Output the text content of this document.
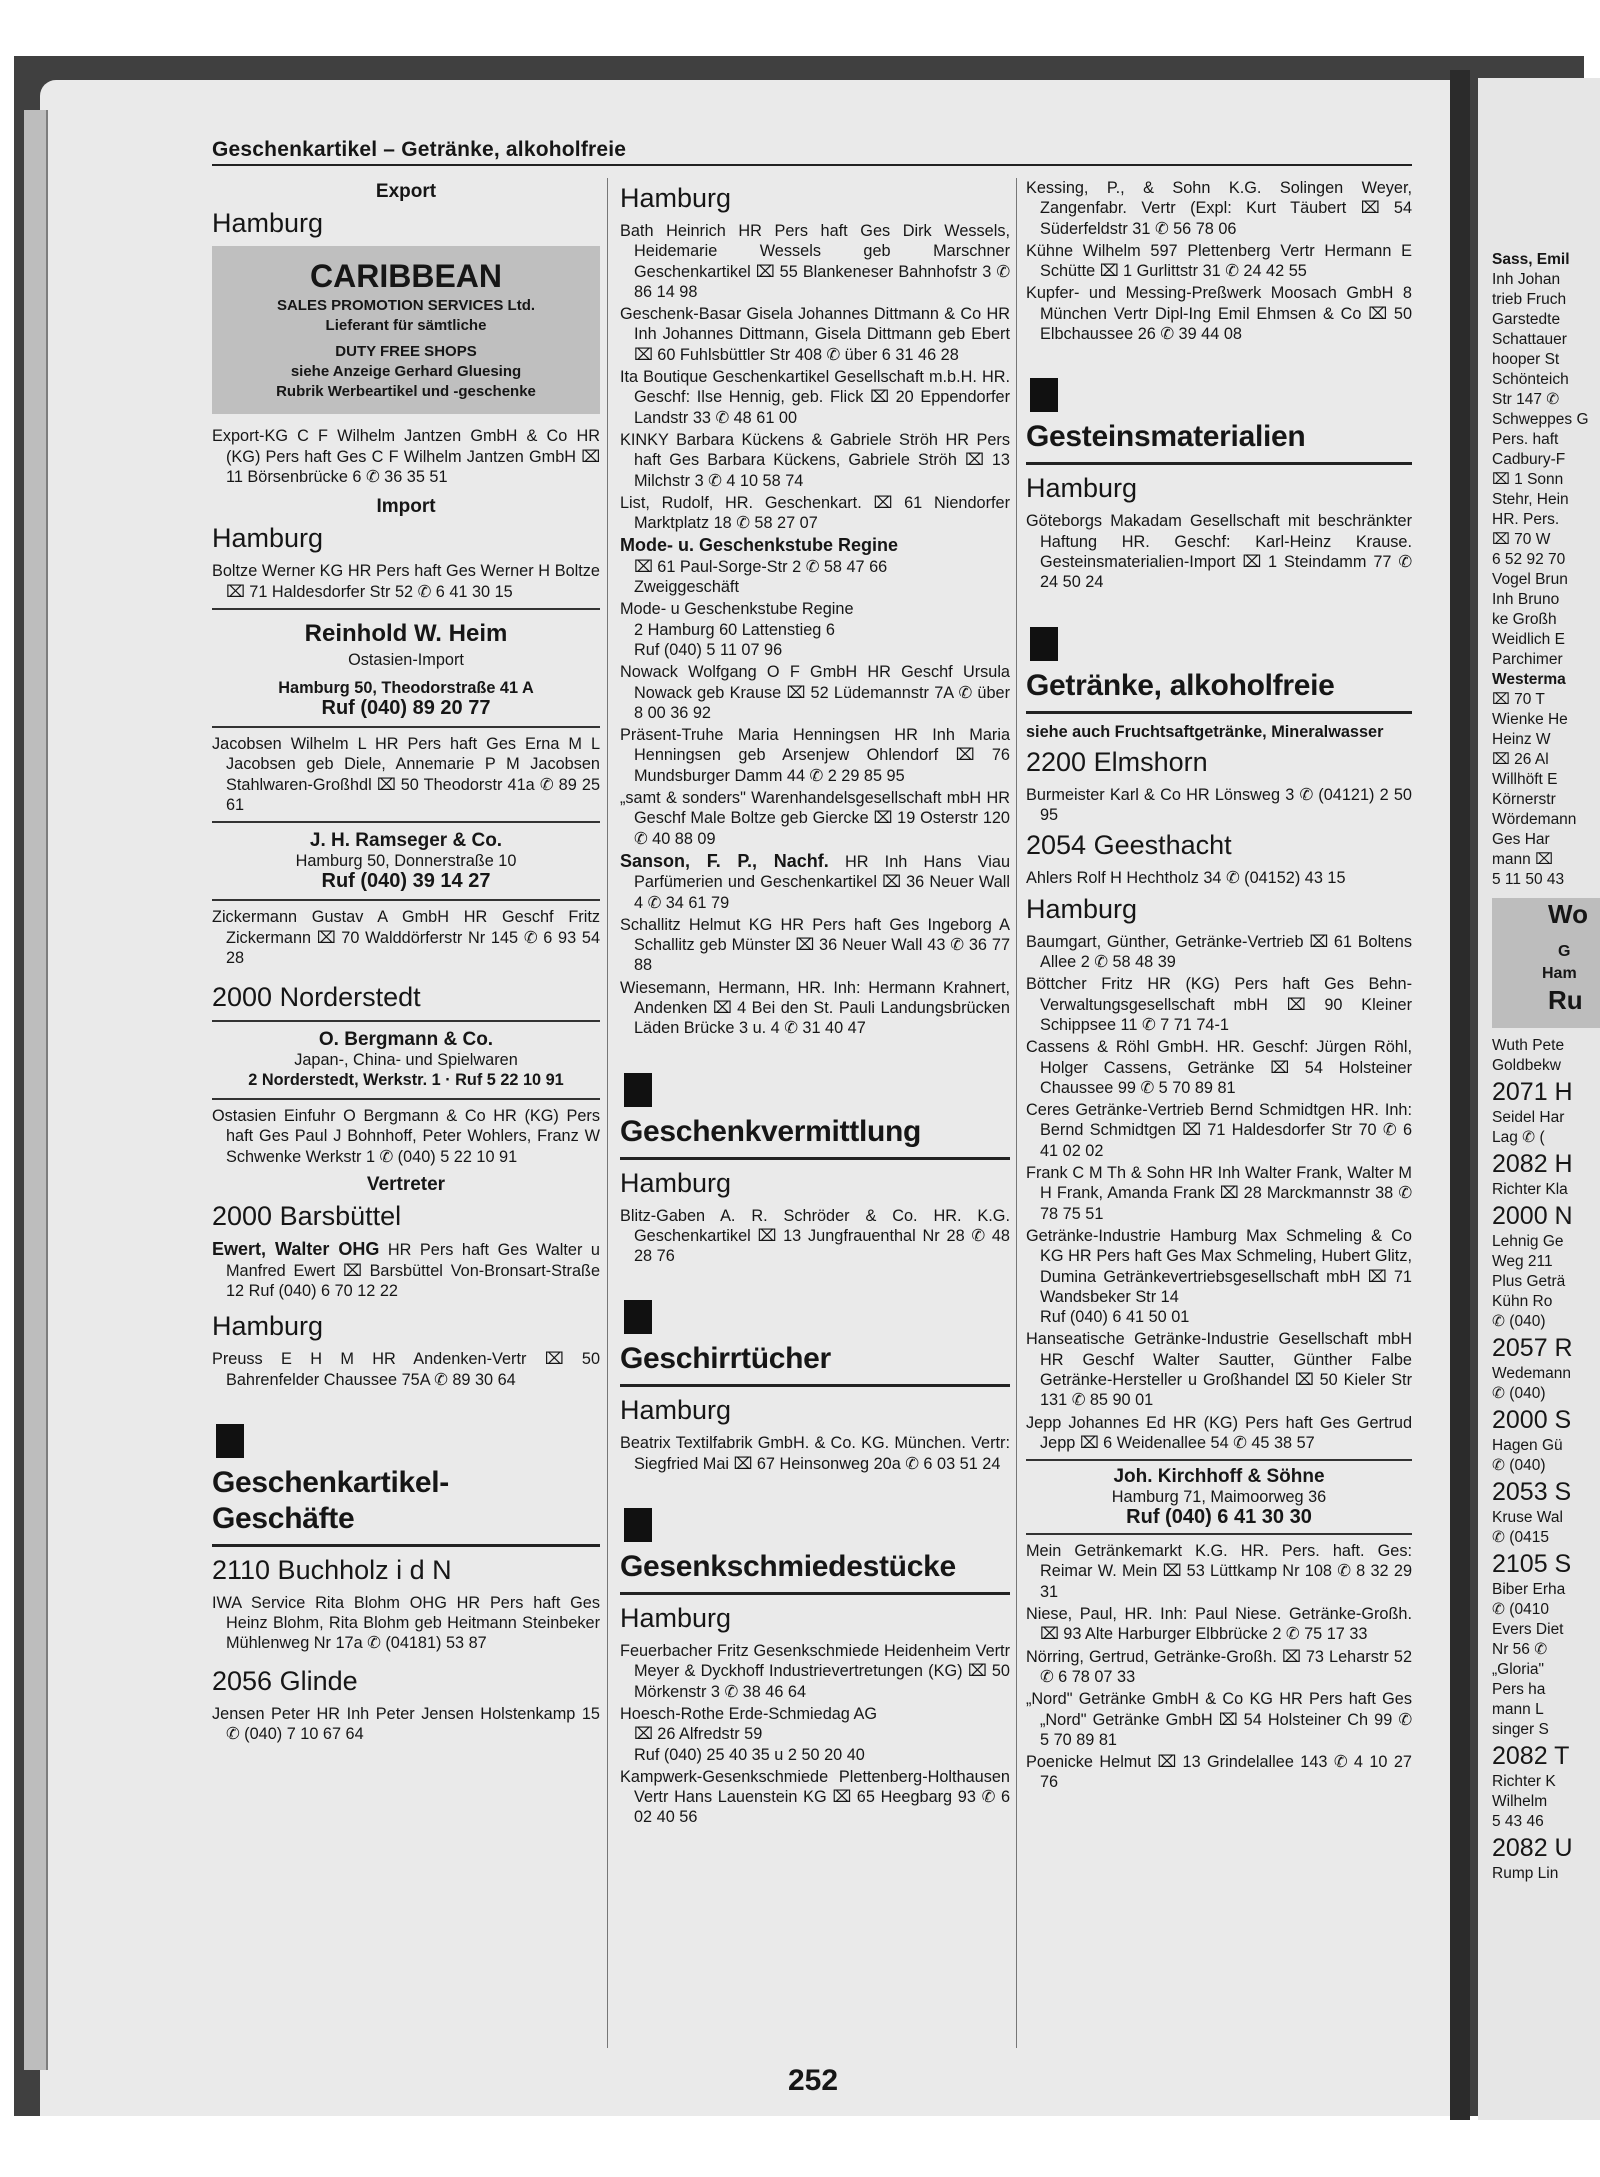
Geschenkartikel – Getränke, alkoholfreie
Export
Hamburg
CARIBBEAN
SALES PROMOTION SERVICES Ltd.
Lieferant für sämtliche
DUTY FREE SHOPS
siehe Anzeige Gerhard Gluesing
Rubrik Werbeartikel und -geschenke

Export-KG C F Wilhelm Jantzen GmbH & Co HR (KG) Pers haft Ges C F Wilhelm Jantzen GmbH ⌧ 11 Börsenbrücke 6 ✆ 36 35 51

Import
Hamburg

Boltze Werner KG HR Pers haft Ges Werner H Boltze ⌧ 71 Haldesdorfer Str 52 ✆ 6 41 30 15

Reinhold W. Heim
Ostasien-Import
Hamburg 50, Theodorstraße 41 A
Ruf (040) 89 20 77

Jacobsen Wilhelm L HR Pers haft Ges Erna M L Jacobsen geb Diele, Annemarie P M Jacobsen Stahlwaren-Großhdl ⌧ 50 Theodorstr 41a ✆ 89 25 61

J. H. Ramseger & Co.
Hamburg 50, Donnerstraße 10
Ruf (040) 39 14 27

Zickermann Gustav A GmbH HR Geschf Fritz Zickermann ⌧ 70 Walddörferstr Nr 145 ✆ 6 93 54 28

2000 Norderstedt
O. Bergmann & Co.
Japan-, China- und Spielwaren
2 Norderstedt, Werkstr. 1 · Ruf 5 22 10 91

Ostasien Einfuhr O Bergmann & Co HR (KG) Pers haft Ges Paul J Bohnhoff, Peter Wohlers, Franz W Schwenke Werkstr 1 ✆ (040) 5 22 10 91

Vertreter
2000 Barsbüttel

Ewert, Walter OHG HR Pers haft Ges Walter u Manfred Ewert ⌧ Barsbüttel Von-Bronsart-Straße 12 Ruf (040) 6 70 12 22

Hamburg

Preuss E H M HR Andenken-Vertr ⌧ 50 Bahrenfelder Chaussee 75A ✆ 89 30 64

Geschenkartikel-
Geschäfte
2110 Buchholz i d N

IWA Service Rita Blohm OHG HR Pers haft Ges Heinz Blohm, Rita Blohm geb Heitmann Steinbeker Mühlenweg Nr 17a ✆ (04181) 53 87

2056 Glinde

Jensen Peter HR Inh Peter Jensen Holstenkamp 15 ✆ (040) 7 10 67 64

Hamburg

Bath Heinrich HR Pers haft Ges Dirk Wessels, Heidemarie Wessels geb Marschner Geschenkartikel ⌧ 55 Blankeneser Bahnhofstr 3 ✆ 86 14 98

Geschenk-Basar Gisela Johannes Dittmann & Co HR Inh Johannes Dittmann, Gisela Dittmann geb Ebert ⌧ 60 Fuhlsbüttler Str 408 ✆ über 6 31 46 28

Ita Boutique Geschenkartikel Gesellschaft m.b.H. HR. Geschf: Ilse Hennig, geb. Flick ⌧ 20 Eppendorfer Landstr 33 ✆ 48 61 00

KINKY Barbara Kückens & Gabriele Ströh HR Pers haft Ges Barbara Kückens, Gabriele Ströh ⌧ 13 Milchstr 3 ✆ 4 10 58 74

List, Rudolf, HR. Geschenkart. ⌧ 61 Niendorfer Marktplatz 18 ✆ 58 27 07

Mode- u. Geschenkstube Regine
⌧ 61 Paul-Sorge-Str 2 ✆ 58 47 66
Zweiggeschäft

Mode- u Geschenkstube Regine
2 Hamburg 60 Lattenstieg 6
Ruf (040) 5 11 07 96

Nowack Wolfgang O F GmbH HR Geschf Ursula Nowack geb Krause ⌧ 52 Lüdemannstr 7A ✆ über 8 00 36 92

Präsent-Truhe Maria Henningsen HR Inh Maria Henningsen geb Arsenjew Ohlendorf ⌧ 76 Mundsburger Damm 44 ✆ 2 29 85 95

„samt & sonders" Warenhandelsgesellschaft mbH HR Geschf Male Boltze geb Giercke ⌧ 19 Osterstr 120 ✆ 40 88 09

Sanson, F. P., Nachf. HR Inh Hans Viau Parfümerien und Geschenkartikel ⌧ 36 Neuer Wall 4 ✆ 34 61 79

Schallitz Helmut KG HR Pers haft Ges Ingeborg A Schallitz geb Münster ⌧ 36 Neuer Wall 43 ✆ 36 77 88

Wiesemann, Hermann, HR. Inh: Hermann Krahnert, Andenken ⌧ 4 Bei den St. Pauli Landungsbrücken Läden Brücke 3 u. 4 ✆ 31 40 47

Geschenkvermittlung
Hamburg

Blitz-Gaben A. R. Schröder & Co. HR. K.G. Geschenkartikel ⌧ 13 Jungfrauenthal Nr 28 ✆ 48 28 76

Geschirrtücher
Hamburg

Beatrix Textilfabrik GmbH. & Co. KG. München. Vertr: Siegfried Mai ⌧ 67 Heinsonweg 20a ✆ 6 03 51 24

Gesenkschmiedestücke
Hamburg

Feuerbacher Fritz Gesenkschmiede Heidenheim Vertr Meyer & Dyckhoff Industrievertretungen (KG) ⌧ 50 Mörkenstr 3 ✆ 38 46 64

Hoesch-Rothe Erde-Schmiedag AG
⌧ 26 Alfredstr 59
Ruf (040) 25 40 35 u 2 50 20 40

Kampwerk-Gesenkschmiede Plettenberg-Holthausen Vertr Hans Lauenstein KG ⌧ 65 Heegbarg 93 ✆ 6 02 40 56

Kessing, P., & Sohn K.G. Solingen Weyer, Zangenfabr. Vertr (Expl: Kurt Täubert ⌧ 54 Süderfeldstr 31 ✆ 56 78 06

Kühne Wilhelm 597 Plettenberg Vertr Hermann E Schütte ⌧ 1 Gurlittstr 31 ✆ 24 42 55

Kupfer- und Messing-Preßwerk Moosach GmbH 8 München Vertr Dipl-Ing Emil Ehmsen & Co ⌧ 50 Elbchaussee 26 ✆ 39 44 08

Gesteinsmaterialien
Hamburg

Göteborgs Makadam Gesellschaft mit beschränkter Haftung HR. Geschf: Karl-Heinz Krause. Gesteinsmaterialien-Import ⌧ 1 Steindamm 77 ✆ 24 50 24

Getränke, alkoholfreie

siehe auch Fruchtsaftgetränke, Mineralwasser

2200 Elmshorn

Burmeister Karl & Co HR Lönsweg 3 ✆ (04121) 2 50 95

2054 Geesthacht

Ahlers Rolf H Hechtholz 34 ✆ (04152) 43 15

Hamburg

Baumgart, Günther, Getränke-Vertrieb ⌧ 61 Boltens Allee 2 ✆ 58 48 39

Böttcher Fritz HR (KG) Pers haft Ges Behn-Verwaltungsgesellschaft mbH ⌧ 90 Kleiner Schippsee 11 ✆ 7 71 74-1

Cassens & Röhl GmbH. HR. Geschf: Jürgen Röhl, Holger Cassens, Getränke ⌧ 54 Holsteiner Chaussee 99 ✆ 5 70 89 81

Ceres Getränke-Vertrieb Bernd Schmidtgen HR. Inh: Bernd Schmidtgen ⌧ 71 Haldesdorfer Str 70 ✆ 6 41 02 02

Frank C M Th & Sohn HR Inh Walter Frank, Walter M H Frank, Amanda Frank ⌧ 28 Marckmannstr 38 ✆ 78 75 51

Getränke-Industrie Hamburg Max Schmeling & Co KG HR Pers haft Ges Max Schmeling, Hubert Glitz, Dumina Getränkevertriebsgesellschaft mbH ⌧ 71 Wandsbeker Str 14
Ruf (040) 6 41 50 01

Hanseatische Getränke-Industrie Gesellschaft mbH HR Geschf Walter Sautter, Günther Falbe Getränke-Hersteller u Großhandel ⌧ 50 Kieler Str 131 ✆ 85 90 01

Jepp Johannes Ed HR (KG) Pers haft Ges Gertrud Jepp ⌧ 6 Weidenallee 54 ✆ 45 38 57

Joh. Kirchhoff & Söhne
Hamburg 71, Maimoorweg 36
Ruf (040) 6 41 30 30

Mein Getränkemarkt K.G. HR. Pers. haft. Ges: Reimar W. Mein ⌧ 53 Lüttkamp Nr 108 ✆ 8 32 29 31

Niese, Paul, HR. Inh: Paul Niese. Getränke-Großh. ⌧ 93 Alte Harburger Elbbrücke 2 ✆ 75 17 33

Nörring, Gertrud, Getränke-Großh. ⌧ 73 Leharstr 52 ✆ 6 78 07 33

„Nord" Getränke GmbH & Co KG HR Pers haft Ges „Nord" Getränke GmbH ⌧ 54 Holsteiner Ch 99 ✆ 5 70 89 81

Poenicke Helmut ⌧ 13 Grindelallee 143 ✆ 4 10 27 76

252
Sass, Emil
Inh Johan
trieb Fruch
Garstedte
Schattauer
hooper St
Schönteich
Str 147 ✆
Schweppes G
Pers. haft
Cadbury-F
⌧ 1 Sonn
Stehr, Hein
HR. Pers.
⌧ 70 W
6 52 92 70
Vogel Brun
Inh Bruno
ke Großh
Weidlich E
Parchimer
Westerma
⌧ 70 T
Wienke He
Heinz W
⌧ 26 Al
Willhöft E
Körnerstr
Wördemann
Ges Har
mann ⌧
5 11 50 43
Wo
G
Ham
Ru
Wuth Pete
Goldbekw
2071 H
Seidel Har
Lag ✆ (
2082 H
Richter Kla
2000 N
Lehnig Ge
Weg 211
Plus Geträ
Kühn Ro
✆ (040)
2057 R
Wedemann
✆ (040)
2000 S
Hagen Gü
✆ (040)
2053 S
Kruse Wal
✆ (0415
2105 S
Biber Erha
✆ (0410
Evers Diet
Nr 56 ✆
„Gloria"
Pers ha
mann L
singer S
2082 T
Richter K
Wilhelm
5 43 46
2082 U
Rump Lin
